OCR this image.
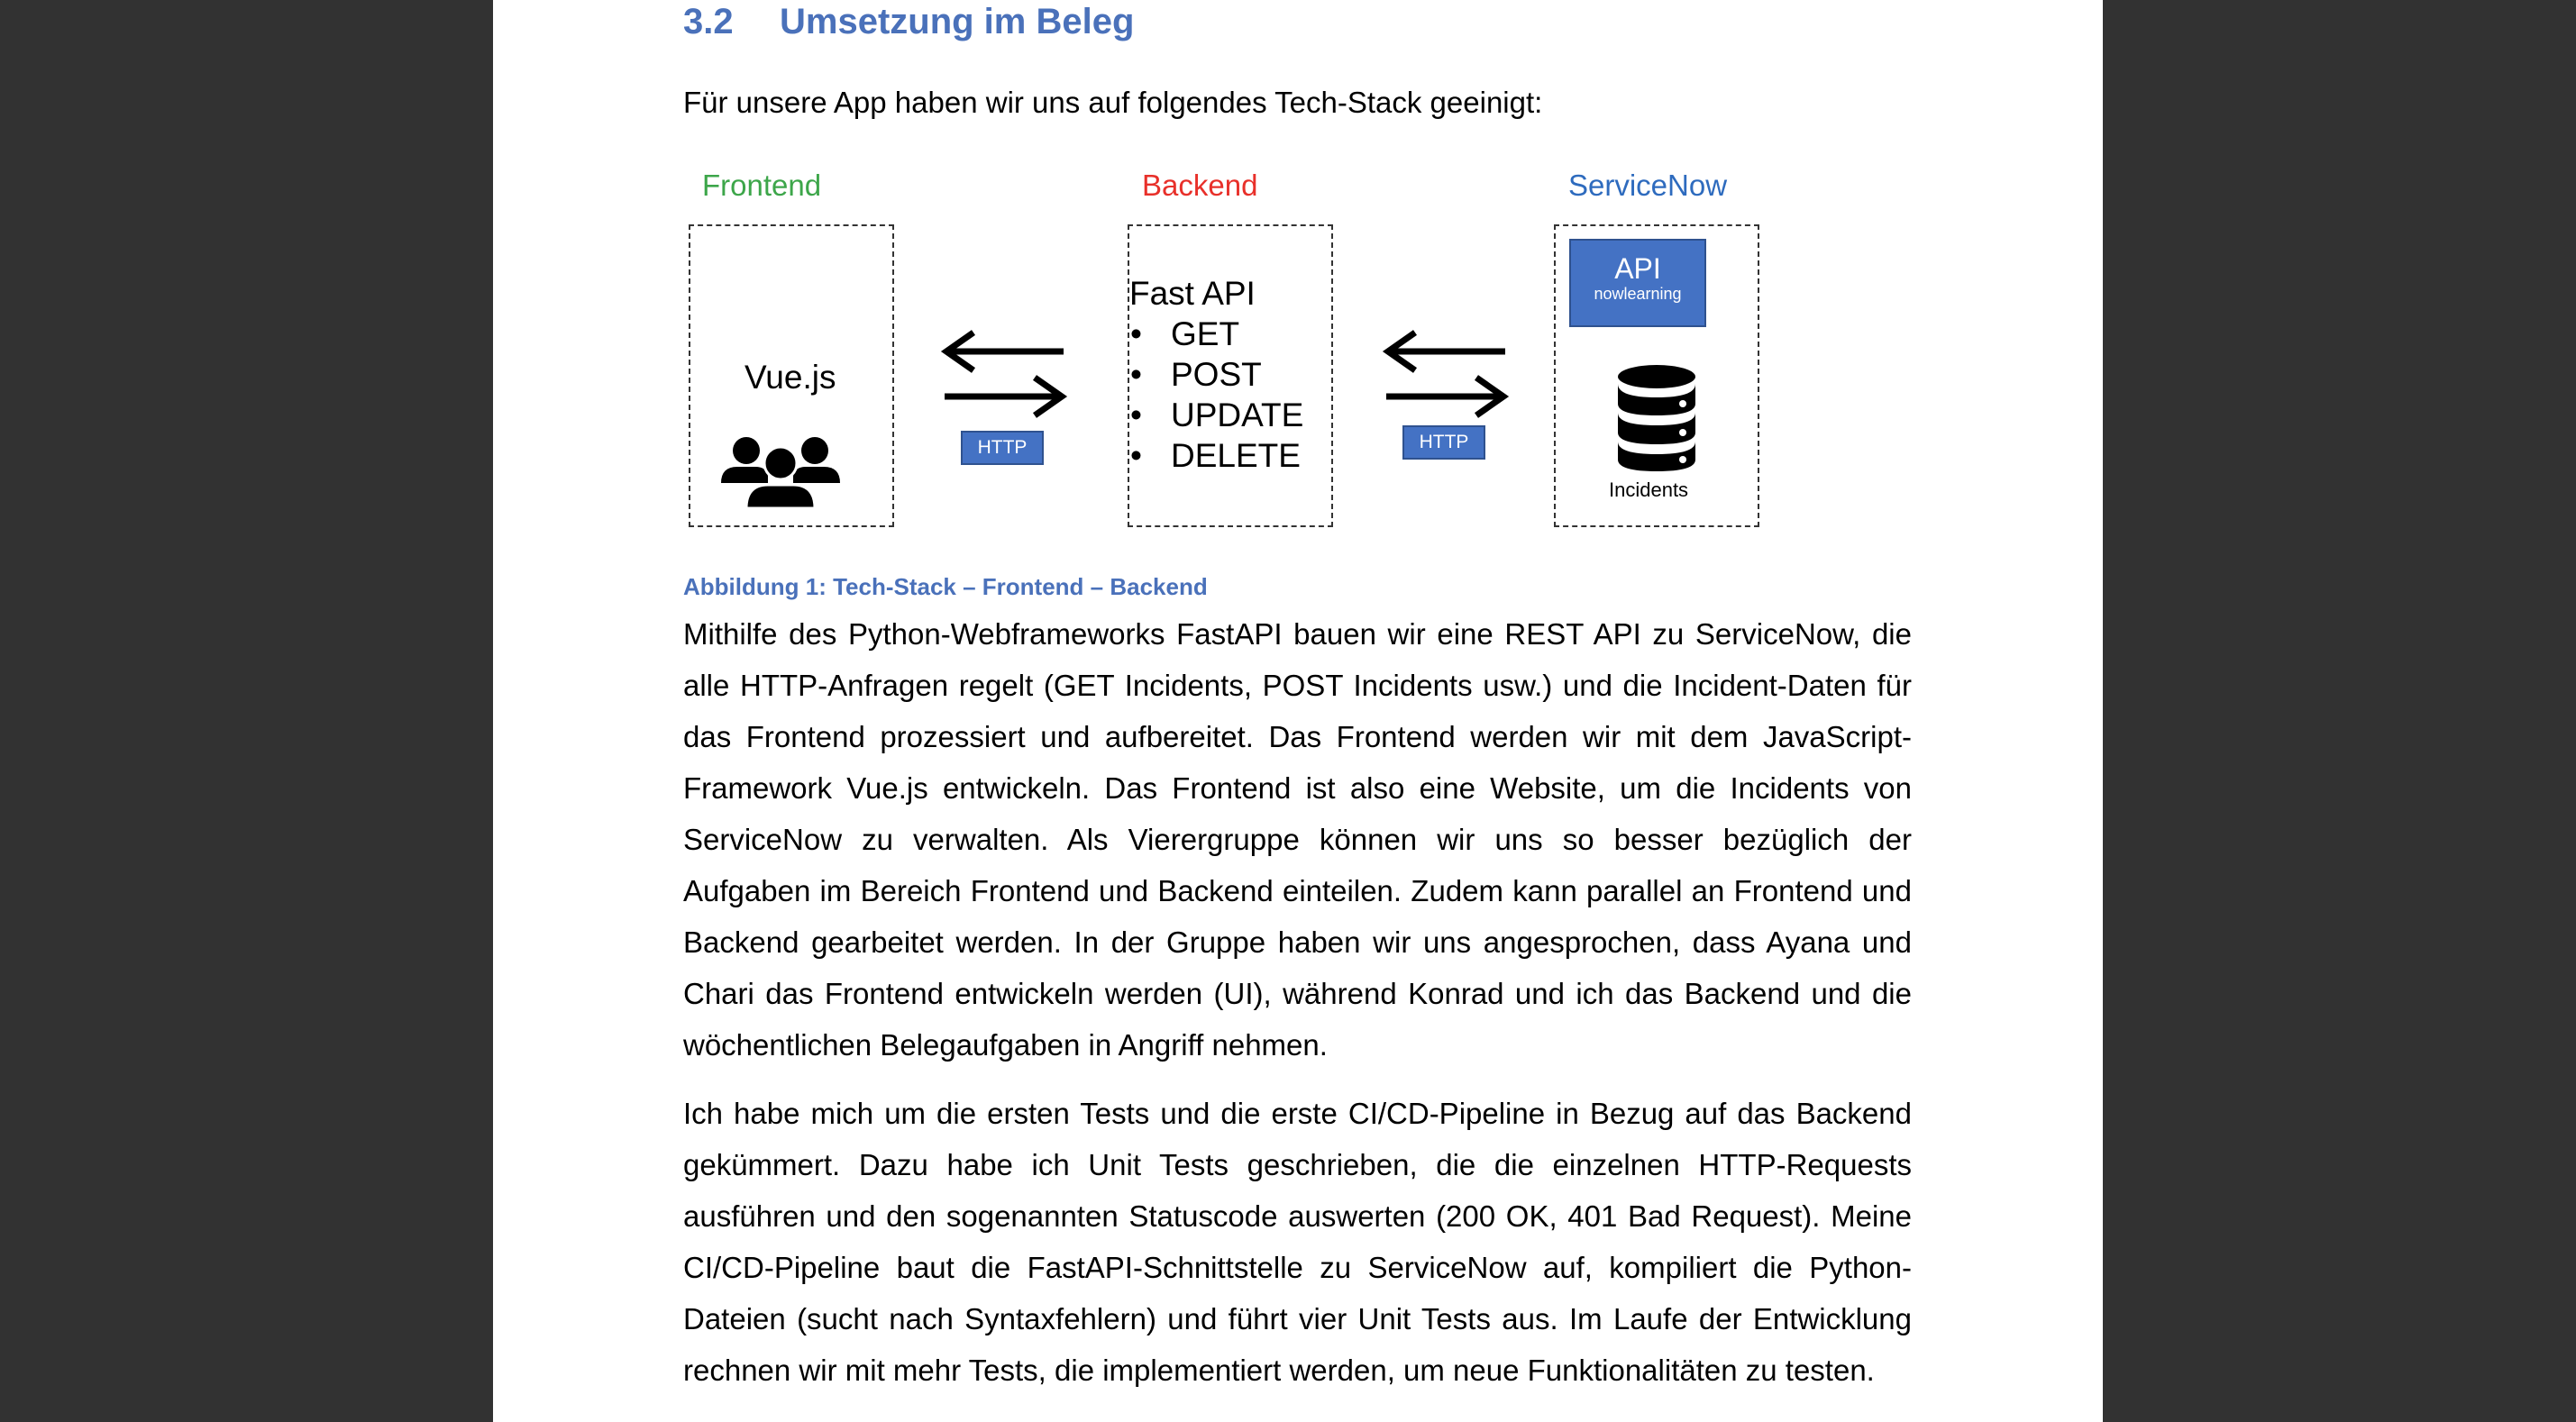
3.2 Umsetzung im Beleg
Für unsere App haben wir uns auf folgendes Tech-Stack geeinigt:
Frontend	Backend	ServiceNow
Vue.js
HTTP
Fast API
• GET
• POST
• UPDATE
• DELETE	HTTP
API
nowlearning
Incidents
Abbildung 1: Tech-Stack – Frontend – Backend

Mithilfe des Python-Webframeworks FastAPI bauen wir eine REST API zu ServiceNow, die alle HTTP-Anfragen regelt (GET Incidents, POST Incidents usw.) und die Incident-Daten für das Frontend prozessiert und aufbereitet. Das Frontend werden wir mit dem JavaScript-Framework Vue.js entwickeln. Das Frontend ist also eine Website, um die Incidents von ServiceNow zu verwalten. Als Vierergruppe können wir uns so besser bezüglich der Aufgaben im Bereich Frontend und Backend einteilen. Zudem kann parallel an Frontend und Backend gearbeitet werden. In der Gruppe haben wir uns angesprochen, dass Ayana und Chari das Frontend entwickeln werden (UI), während Konrad und ich das Backend und die wöchentlichen Belegaufgaben in Angriff nehmen.

Ich habe mich um die ersten Tests und die erste CI/CD-Pipeline in Bezug auf das Backend gekümmert. Dazu habe ich Unit Tests geschrieben, die die einzelnen HTTP-Requests ausführen und den sogenannten Statuscode auswerten (200 OK, 401 Bad Request). Meine CI/CD-Pipeline baut die FastAPI-Schnittstelle zu ServiceNow auf, kompiliert die Python-Dateien (sucht nach Syntaxfehlern) und führt vier Unit Tests aus. Im Laufe der Entwicklung rechnen wir mit mehr Tests, die implementiert werden, um neue Funktionalitäten zu testen.
